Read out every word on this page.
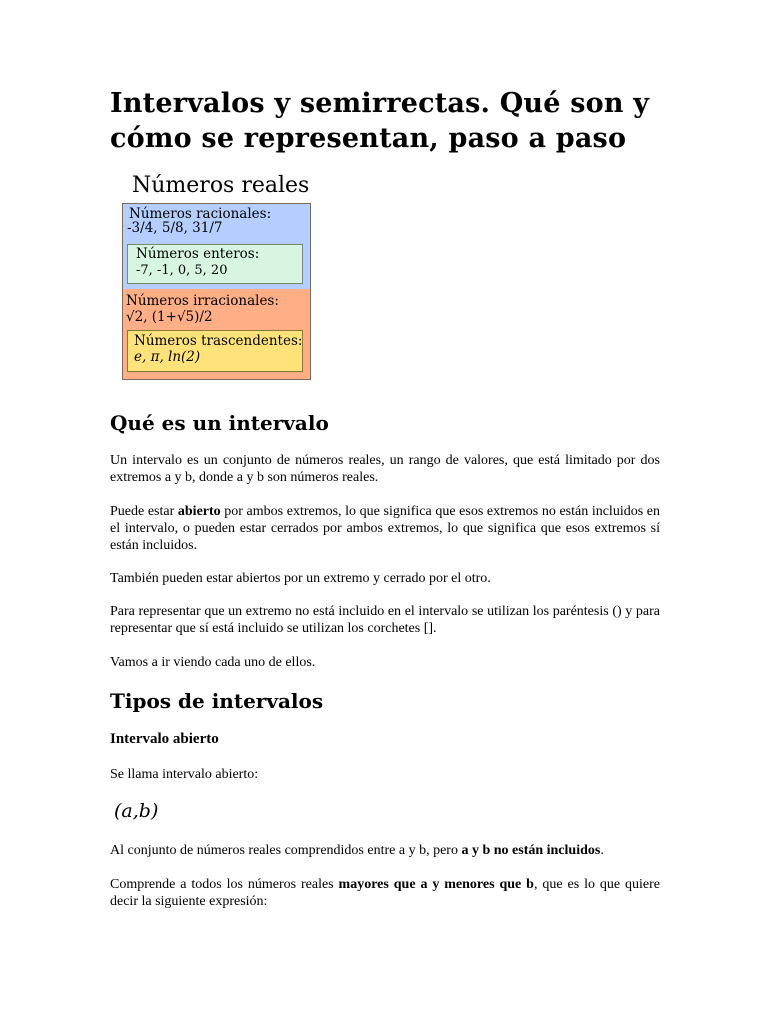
Intervalos y semirrectas. Qué son y cómo se representan, paso a paso
Números reales
Números racionales:
-3/4, 5/8, 31/7
Números enteros:
-7, -1, 0, 5, 20
Números irracionales:
√2, (1+√5)/2
Números trascendentes:
e, π, ln(2)
Qué es un intervalo

Un intervalo es un conjunto de números reales, un rango de valores, que está limitado por dos extremos a y b, donde a y b son números reales.

Puede estar abierto por ambos extremos, lo que significa que esos extremos no están incluidos en el intervalo, o pueden estar cerrados por ambos extremos, lo que significa que esos extremos sí están incluidos.

También pueden estar abiertos por un extremo y cerrado por el otro.

Para representar que un extremo no está incluido en el intervalo se utilizan los paréntesis () y para representar que sí está incluido se utilizan los corchetes [].

Vamos a ir viendo cada uno de ellos.

Tipos de intervalos
Intervalo abierto

Se llama intervalo abierto:

(a,b)

Al conjunto de números reales comprendidos entre a y b, pero a y b no están incluidos.

Comprende a todos los números reales mayores que a y menores que b, que es lo que quiere decir la siguiente expresión:
